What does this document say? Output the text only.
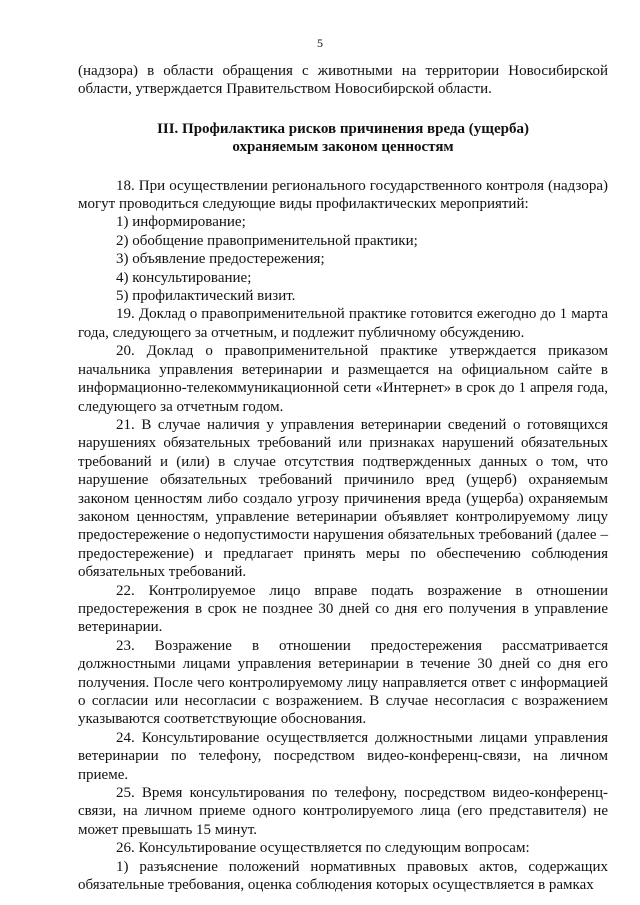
5

(надзора) в области обращения с животными на территории Новосибирской области, утверждается Правительством Новосибирской области.

III. Профилактика рисков причинения вреда (ущерба)
охраняемым законом ценностям

18. При осуществлении регионального государственного контроля (надзора) могут проводиться следующие виды профилактических мероприятий:

1) информирование;

2) обобщение правоприменительной практики;

3) объявление предостережения;

4) консультирование;

5) профилактический визит.

19. Доклад о правоприменительной практике готовится ежегодно до 1 марта года, следующего за отчетным, и подлежит публичному обсуждению.

20. Доклад о правоприменительной практике утверждается приказом начальника управления ветеринарии и размещается на официальном сайте в информационно-телекоммуникационной сети «Интернет» в срок до 1 апреля года, следующего за отчетным годом.

21. В случае наличия у управления ветеринарии сведений о готовящихся нарушениях обязательных требований или признаках нарушений обязательных требований и (или) в случае отсутствия подтвержденных данных о том, что нарушение обязательных требований причинило вред (ущерб) охраняемым законом ценностям либо создало угрозу причинения вреда (ущерба) охраняемым законом ценностям, управление ветеринарии объявляет контролируемому лицу предостережение о недопустимости нарушения обязательных требований (далее – предостережение) и предлагает принять меры по обеспечению соблюдения обязательных требований.

22. Контролируемое лицо вправе подать возражение в отношении предостережения в срок не позднее 30 дней со дня его получения в управление ветеринарии.

23. Возражение в отношении предостережения рассматривается должностными лицами управления ветеринарии в течение 30 дней со дня его получения. После чего контролируемому лицу направляется ответ с информацией о согласии или несогласии с возражением. В случае несогласия с возражением указываются соответствующие обоснования.

24. Консультирование осуществляется должностными лицами управления ветеринарии по телефону, посредством видео-конференц-связи, на личном приеме.

25. Время консультирования по телефону, посредством видео-конференц-связи, на личном приеме одного контролируемого лица (его представителя) не может превышать 15 минут.

26. Консультирование осуществляется по следующим вопросам:

1) разъяснение положений нормативных правовых актов, содержащих обязательные требования, оценка соблюдения которых осуществляется в рамках
